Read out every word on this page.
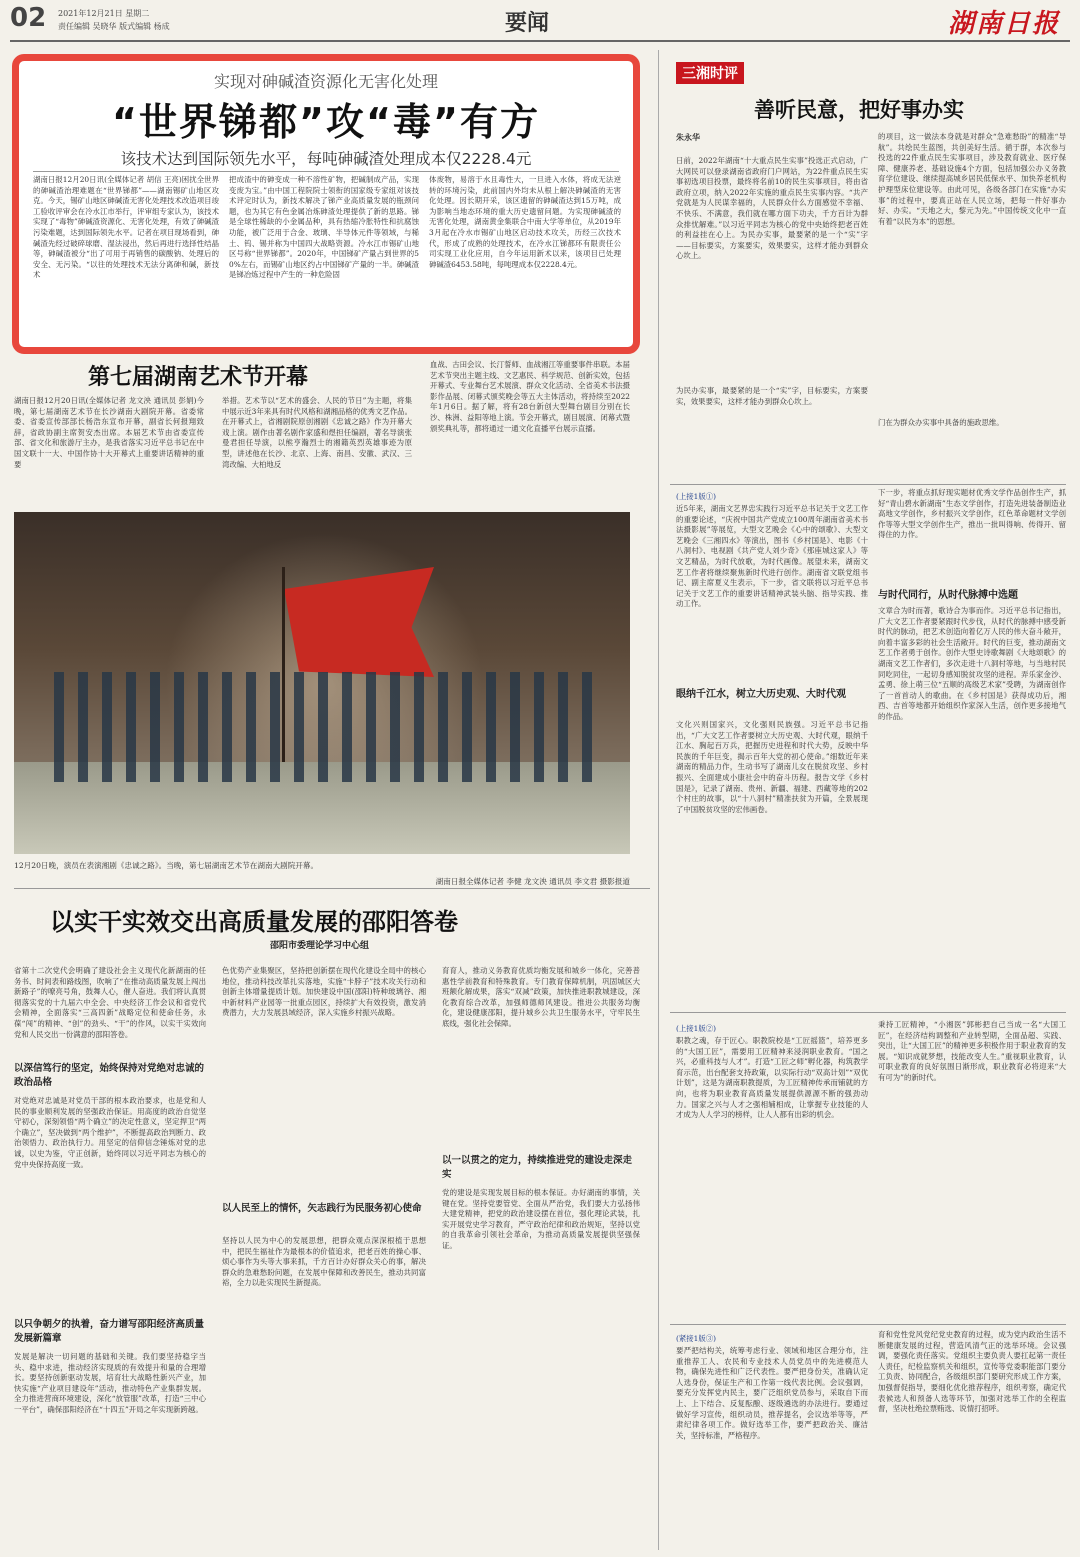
02 2021年12月21日 星期二
责任编辑 吴晓华 版式编辑 杨成	要闻	湖南日报
实现对砷碱渣资源化无害化处理
“世界锑都”攻“毒”有方
该技术达到国际领先水平，每吨砷碱渣处理成本仅2228.4元
湖南日报12月20日讯(全媒体记者 胡信 王亮)困扰全世界的砷碱渣治理难题在“世界锑都”——湖南锡矿山地区攻克。今天，锡矿山地区砷碱渣无害化处理技术改造项目竣工验收评审会在冷水江市举行，评审组专家认为，该技术实现了“毒物”砷碱渣资源化、无害化处理，有效了砷碱渣污染难题，达到国际领先水平。记者在项目现场看到，砷碱渣先经过破碎球磨、湿法浸出，然后再进行选择性结晶等，砷碱渣被分“出了可用于再销售的碳酸钠、处理后的安全、无污染。“以往的处理技术无法分离砷和碱，新技术
把成渣中的砷变成一种不溶性矿物，把碱制成产品，实现变废为宝。”由中国工程院院士领衔的国家级专家组对该技术评定时认为，新技术解决了锑产业高质量发展的瓶颈问题，也为其它有色金属冶炼砷渣处理提供了新的思路。锑是全球性稀缺的小金属品种，具有热缩冷胀特性和抗腐蚀功能，被广泛用于合金、玻璃、半导体元件等领域，与稀土、钨、锡并称为中国四大战略资源。冷水江市锡矿山地区号称“世界锑都”。2020年，中国锑矿产量占到世界的50%左右，而锡矿山地区约占中国锑矿产量的一半。砷碱渣是锑冶炼过程中产生的一种危险固
体废物，易溶于水且毒性大，一旦进入水体，将成无法逆转的环境污染，此前国内外均未从根上解决砷碱渣的无害化处理。因长期开采，该区遗留的砷碱渣达到15万吨，成为影响当地态环境的重大历史遗留问题。为实现砷碱渣的无害化处理，湖南黄金集联合中南大学等单位，从2019年3月起在冷水市锡矿山地区启动技术攻关，历经三次技术代，形成了成熟的处理技术，在冷水江锑都环有限责任公司实现工业化应用，自今年运用新术以来，该项目已处理砷碱渣6453.58吨，每吨理成本仅2228.4元。
第七届湖南艺术节开幕
湖南日报12月20日讯(全媒体记者 龙文泱 通讯员 彭娟)今晚，第七届湖南艺术节在长沙湖南大剧院开幕。省委常委、省委宣传部部长杨浩东宣布开幕，副省长何报翔致辞，省政协副主席贺安杰出席。本届艺术节由省委宣传部、省文化和旅游厅主办，是我省落实习近平总书记在中国文联十一大、中国作协十大开幕式上重要讲话精神的重要
举措。艺术节以“艺术的盛会、人民的节日”为主题，将集中展示近3年来具有时代风格和湖湘品格的优秀文艺作品。在开幕式上，省湘剧院原创湘剧《忠诚之路》作为开幕大戏上演。剧作由著名剧作家盛和煜担任编剧，著名导演张曼君担任导演，以熊亨瀚烈士的湘籍英烈英雄事迹为原型，讲述他在长沙、北京、上海、南昌、安徽、武汉、三湾改编、大柏地反
血战、古田会议、长汀誓师、血战湘江等重要事件串联。本届艺术节突出主题主线、文艺惠民、科学规范、创新实效，包括开幕式、专业舞台艺术展演、群众文化活动、全省美术书法摄影作品展、闭幕式颁奖晚会等五大主体活动，将持续至2022年1月6日。据了解，将有28台新创大型舞台剧目分别在长沙、株洲、益阳等地上演。节会开幕式，剧目展演、闭幕式暨颁奖典礼等，都将通过一通文化直播平台展示直播。
12月20日晚，演员在表演湘剧《忠诚之路》。当晚，第七届湖南艺术节在湖南大剧院开幕。
湖南日报全媒体记者 李健 龙文泱 通讯员 李文君 摄影报道
三湘时评
善听民意，把好事办实
朱永华
日前，2022年湖南“十大重点民生实事”投选正式启动，广大网民可以登录湖南省政府门户网站，为22件重点民生实事初选项目投票，最终将名前10的民生实事项目，将由省政府立项，纳入2022年实施的重点民生实事内容。“共产党就是为人民谋幸福的，人民群众什么方面感觉不幸福、不快乐、不满意，我们就在哪方面下功夫，千方百计为群众排忧解难。”以习近平同志为核心的党中央始终把老百姓的利益挂在心上。为民办实事，最要紧的是一个“实”字——目标要实，方案要实，效果要实，这样才能办到群众心坎上。
为民办实事，最要紧的是一个“实”字，目标要实，方案要实，效果要实，这样才能办到群众心坎上。
的项目，这一做法本身就是对群众“急难愁盼”的精准“导航”。共绘民生蓝图，共创美好生活。循于群，本次参与投选的22件重点民生实事项目，涉及教育就业、医疗保障、健康养老、基础设施4个方面，包括加强公办义务教育学位建设、继续提高城乡居民低保水平、加快养老机构护理型床位建设等。由此可见，各级各部门在实施“办实事”的过程中，要真正站在人民立场，把每一件好事办好、办实。“天地之大，黎元为先。”中国传统文化中一直有着“以民为本”的思想。
门在为群众办实事中具备的施政思维。
(上接1版①)
近5年来，湖南文艺界忠实践行习近平总书记关于文艺工作的重要论述，“庆祝中国共产党成立100周年湖南省美术书法摄影展”等展览，大型文艺晚会《心中的颂歌》、大型文艺晚会《三湘四水》等演出，图书《乡村国是》、电影《十八洞村》、电视剧《共产党人刘少奇》《那座城这家人》等文艺精品，为时代放歌，为时代画像。展望未来，湖南文艺工作者将继续聚焦新时代进行创作。湖南省文联党组书记、副主席夏义生表示，下一步，省文联将以习近平总书记关于文艺工作的重要讲话精神武装头脑、指导实践、推动工作。
眼纳千江水，树立大历史观、大时代观
文化兴则国家兴，文化强则民族强。习近平总书记指出，“广大文艺工作者要树立大历史观、大时代观，眼纳千江水、胸起百万兵，把握历史进程和时代大势，反映中华民族的千年巨变，揭示百年大党的初心使命。”细数近年来湖南的精品力作，生动书写了湖南儿女在脱贫攻坚、乡村振兴、全面建成小康社会中的奋斗历程。报告文学《乡村国是》，记录了湖南、贵州、新疆、福建、西藏等地的202个村庄的故事，以“十八洞村”精准扶贫为开篇，全景展现了中国脱贫攻坚的宏伟画卷。
下一步，将重点抓好现实题材优秀文学作品创作生产，抓好“青山碧水新湖南”生态文学创作，打造先进装备制造业高地文学创作，乡村振兴文学创作，红色革命题材文学创作等等大型文学创作生产，推出一批叫得响、传得开、留得住的力作。
与时代同行，从时代脉搏中选题
文章合为时而著，歌诗合为事而作。习近平总书记指出，广大文艺工作者要紧跟时代步伐，从时代的脉搏中感受新时代的脉动，把艺术创造向着亿万人民的伟大奋斗敞开，向着丰富多彩的社会生活敞开。时代的巨变，推动湖南文艺工作者勇于创作。创作大型史诗歌舞剧《大地颂歌》的湖南文艺工作者们，多次走进十八洞村等地，与当地村民同吃同住，一起切身感知脱贫攻坚的进程。弄乐家金沙、孟勇、徐上萌三位“五顺的高级艺术家”受聘，为湖南创作了一首首动人的歌曲。在《乡村国是》获得成功后，湘西、吉首等地都开始组织作家深入生活，创作更多接地气的作品。
(上接1版②)
职教之魂，存于匠心。职教院校是“工匠摇篮”，培养更多的“大国工匠”，需要用工匠精神来浸润职业教育。“国之兴，必重科技与人才”。打造“工匠之师”孵化器，构筑教学育示范，出台配套支持政策，以实际行动“双高计划”“双优计划”，这是为湖南职教提质，为工匠精神传承而铺就的方向，也将为职业教育高质量发展提供源源不断的强劲动力。国家之兴与人才之强相辅相成，让掌握专业技能的人才成为人人学习的榜样，让人人都有出彩的机会。
秉持工匠精神，“小湘医”郭彬把自己当成一名“大国工匠”，在经济结构调整和产业转型期，全面品超、实践、突出，让“大国工匠”的精神更多积极作用于职业教育的发展。“知识成就梦想，技能改变人生。”重视职业教育，认可职业教育的良好氛围日渐形成，职业教育必将迎来“大有可为”的新时代。
(紧接1版③)
要严把结构关，统筹考虑行业、领域和地区合理分布，注重推荐工人、农民和专业技术人员党员中的先进模范人物，确保先进性和广泛代表性。要严把身份关，准确认定人选身份，保证生产和工作第一线代表比例。会议强调，要充分发挥党内民主，要广泛组织党员参与，采取自下而上、上下结合、反复酝酿、逐级遴选的办法进行。要通过做好学习宣传，组织动员，推荐提名，会议选举等等，严肃纪律各项工作。做好选举工作，要严把政治关、廉洁关，坚持标准，严格程序。
育和党性党风党纪党史教育的过程，成为党内政治生活不断健康发展的过程，营造风清气正的选举环境。会议强调，要强化责任落实。党组织主要负责人要扛起第一责任人责任，纪检监察机关和组织，宣传等党委职能部门要分工负责、协同配合，各级组织部门要研究形成工作方案，加强督促指导，要细化优化推荐程序，组织考察，确定代表候选人和预备人选等环节，加强对选举工作的全程监督，坚决杜绝拉票贿选、说情打招呼。
以实干实效交出高质量发展的邵阳答卷
邵阳市委理论学习中心组
省第十二次党代会明确了建设社会主义现代化新湖南的任务书、时间表和路线图，吹响了“在推动高质量发展上闯出新路子”的嘹亮号角，鼓舞人心，催人奋进。我们将认真贯彻落实党的十九届六中全会、中央经济工作会议和省党代会精神，全面落实“三高四新”战略定位和使命任务，永葆“闯”的精神、“创”的劲头、“干”的作风，以实干实效向党和人民交出一份满意的邵阳答卷。
以深信笃行的坚定，始终保持对党绝对忠诚的政治品格
对党绝对忠诚是对党员干部的根本政治要求，也是党和人民的事业顺利发展的坚强政治保证。用高度的政治自觉坚守初心，深刻领悟“两个确立”的决定性意义，坚定捍卫“两个确立”，坚决做到“两个维护”，不断提高政治判断力、政治领悟力、政治执行力。用坚定的信仰信念锤炼对党的忠诚，以史为鉴，守正创新，始终同以习近平同志为核心的党中央保持高度一致。
以只争朝夕的执着，奋力谱写邵阳经济高质量发展新篇章
发展是解决一切问题的基础和关键。我们要坚持稳字当头、稳中求进，推动经济实现质的有效提升和量的合理增长。要坚持创新驱动发展，培育壮大战略性新兴产业，加快实施“产业项目建设年”活动，推动特色产业集群发展。全力推进营商环境建设，深化“放管服”改革，打造“三中心一平台”，确保邵阳经济在“十四五”开局之年实现新跨越。
色优势产业集聚区，坚持把创新摆在现代化建设全局中的核心地位，推动科技改革扎实落地，实施“卡脖子”技术攻关行动和创新主体增量提质计划。加快建设中国(邵阳)特种玻璃谷、湘中新材料产业园等一批重点园区，持续扩大有效投资，激发消费潜力，大力发展县域经济，深入实施乡村振兴战略。
以人民至上的情怀，矢志践行为民服务初心使命
坚持以人民为中心的发展思想，把群众观点深深根植于思想中，把民生福祉作为最根本的价值追求，把老百姓的操心事、烦心事作为头等大事来抓，千方百计办好群众关心的事，解决群众的急难愁盼问题，在发展中保障和改善民生，推动共同富裕，全力以赴实现民生新提高。
育育人，推动义务教育优质均衡发展和城乡一体化，完善普惠性学前教育和特殊教育。专门教育保障机制，巩固城区大班额化解成果，落实“双减”政策，加快推进职教城建设，深化教育综合改革，加强师德师风建设。推进公共服务均衡化，建设健康邵阳，提升城乡公共卫生服务水平，守牢民生底线，强化社会保障。
以一以贯之的定力，持续推进党的建设走深走实
党的建设是实现发展目标的根本保证。办好湖南的事情，关键在党。坚持党要管党、全面从严治党，我们要大力弘扬伟大建党精神，把党的政治建设摆在首位，强化理论武装，扎实开展党史学习教育，严守政治纪律和政治规矩，坚持以党的自我革命引领社会革命，为推动高质量发展提供坚强保证。
